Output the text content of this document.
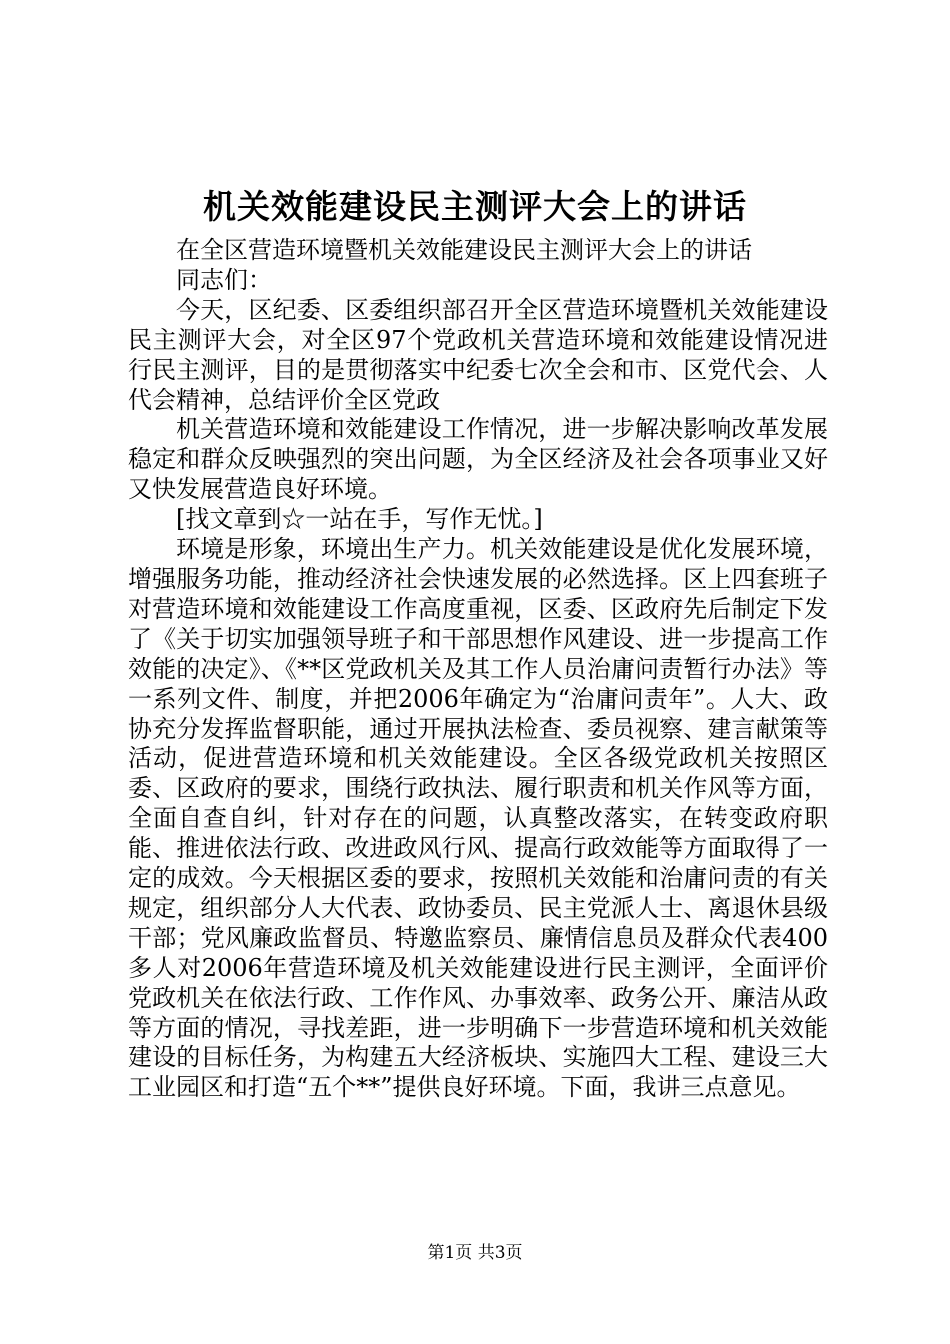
机关效能建设民主测评大会上的讲话

在全区营造环境暨机关效能建设民主测评大会上的讲话

同志们：

今天，区纪委、区委组织部召开全区营造环境暨机关效能建设民主测评大会，对全区97个党政机关营造环境和效能建设情况进行民主测评，目的是贯彻落实中纪委七次全会和市、区党代会、人代会精神，总结评价全区党政

机关营造环境和效能建设工作情况，进一步解决影响改革发展稳定和群众反映强烈的突出问题，为全区经济及社会各项事业又好又快发展营造良好环境。

[找文章到☆一站在手，写作无忧。]

环境是形象，环境出生产力。机关效能建设是优化发展环境，增强服务功能，推动经济社会快速发展的必然选择。区上四套班子对营造环境和效能建设工作高度重视，区委、区政府先后制定下发了《关于切实加强领导班子和干部思想作风建设、进一步提高工作效能的决定》、《**区党政机关及其工作人员治庸问责暂行办法》等一系列文件、制度，并把2006年确定为“治庸问责年”。人大、政协充分发挥监督职能，通过开展执法检查、委员视察、建言献策等活动，促进营造环境和机关效能建设。全区各级党政机关按照区委、区政府的要求，围绕行政执法、履行职责和机关作风等方面，全面自查自纠，针对存在的问题，认真整改落实，在转变政府职能、推进依法行政、改进政风行风、提高行政效能等方面取得了一定的成效。今天根据区委的要求，按照机关效能和治庸问责的有关规定，组织部分人大代表、政协委员、民主党派人士、离退休县级干部；党风廉政监督员、特邀监察员、廉情信息员及群众代表400多人对2006年营造环境及机关效能建设进行民主测评，全面评价党政机关在依法行政、工作作风、办事效率、政务公开、廉洁从政等方面的情况，寻找差距，进一步明确下一步营造环境和机关效能建设的目标任务，为构建五大经济板块、实施四大工程、建设三大工业园区和打造“五个**”提供良好环境。下面，我讲三点意见。

第1页 共3页
